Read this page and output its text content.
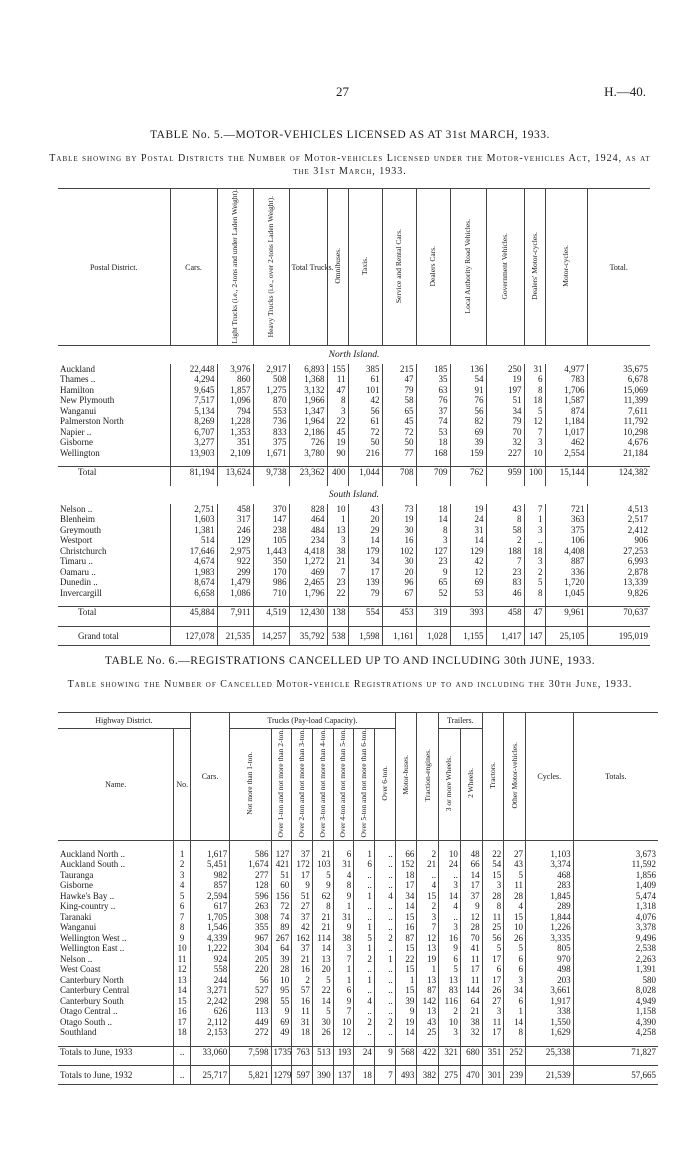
27	H.—40.
TABLE No. 5.—MOTOR-VEHICLES LICENSED AS AT 31st MARCH, 1933.
Table showing by Postal Districts the Number of Motor-vehicles Licensed under the Motor-vehicles Act, 1924, as at the 31st March, 1933.
Postal District.	Cars.	Light Trucks (i.e., 2-tons and under Laden Weight).	Heavy Trucks (i.e., over 2-tons Laden Weight).	Total Trucks.	Omnibuses.	Taxis.	Service and Rental Cars.	Dealers Cars.	Local Authority Road Vehicles.	Government Vehicles.	Dealers' Motor-cycles.	Motor-cycles.	Total.
North Island.													
Auckland	22,448	3,976	2,917	6,893	155	385	215	185	136	250	31	4,977	35,675
Thames ..	4,294	860	508	1,368	11	61	47	35	54	19	6	783	6,678
Hamilton	9,645	1,857	1,275	3,132	47	101	79	63	91	197	8	1,706	15,069
New Plymouth	7,517	1,096	870	1,966	8	42	58	76	76	51	18	1,587	11,399
Wanganui	5,134	794	553	1,347	3	56	65	37	56	34	5	874	7,611
Palmerston North	8,269	1,228	736	1,964	22	61	45	74	82	79	12	1,184	11,792
Napier ..	6,707	1,353	833	2,186	45	72	72	53	69	70	7	1,017	10,298
Gisborne	3,277	351	375	726	19	50	50	18	39	32	3	462	4,676
Wellington	13,903	2,109	1,671	3,780	90	216	77	168	159	227	10	2,554	21,184

Total	81,194	13,624	9,738	23,362	400	1,044	708	709	762	959	100	15,144	124,382

South Island.													
Nelson ..	2,751	458	370	828	10	43	73	18	19	43	7	721	4,513
Blenheim	1,603	317	147	464	1	20	19	14	24	8	1	363	2,517
Greymouth	1,381	246	238	484	13	29	30	8	31	58	3	375	2,412
Westport	514	129	105	234	3	14	16	3	14	2	..	106	906
Christchurch	17,646	2,975	1,443	4,418	38	179	102	127	129	188	18	4,408	27,253
Timaru ..	4,674	922	350	1,272	21	34	30	23	42	7	3	887	6,993
Oamaru ..	1,983	299	170	469	7	17	20	9	12	23	2	336	2,878
Dunedin ..	8,674	1,479	986	2,465	23	139	96	65	69	83	5	1,720	13,339
Invercargill	6,658	1,086	710	1,796	22	79	67	52	53	46	8	1,045	9,826

Total	45,884	7,911	4,519	12,430	138	554	453	319	393	458	47	9,961	70,637

Grand total	127,078	21,535	14,257	35,792	538	1,598	1,161	1,028	1,155	1,417	147	25,105	195,019
TABLE No. 6.—REGISTRATIONS CANCELLED UP TO AND INCLUDING 30th JUNE, 1933.
Table showing the Number of Cancelled Motor-vehicle Registrations up to and including the 30th June, 1933.
Highway District.		Cars.	Trucks (Pay-load Capacity).							Motor-buses.	Traction-engines.	Trailers.		Tractors.	Other Motor-vehicles.	Cycles.	Totals.
Name.	No.		Not more than 1-ton.	Over 1-ton and not more than 2-ton.	Over 2-ton and not more than 3-ton.	Over 3-ton and not more than 4-ton.	Over 4-ton and not more than 5-ton.	Over 5-ton and not more than 6-ton.	Over 6-ton.			3 or more Wheels.	2 Wheels.				

Auckland North ..	1	1,617	586	127	37	21	6	1	..	66	2	10	48	22	27	1,103	3,673
Auckland South ..	2	5,451	1,674	421	172	103	31	6	..	152	21	24	66	54	43	3,374	11,592
Tauranga	3	982	277	51	17	5	4	..	..	18	..	..	14	15	5	468	1,856
Gisborne	4	857	128	60	9	9	8	..	..	17	4	3	17	3	11	283	1,409
Hawke's Bay ..	5	2,594	596	156	51	62	9	1	4	34	15	14	37	28	28	1,845	5,474
King-country ..	6	617	263	72	27	8	1	..	..	14	2	4	9	8	4	289	1,318
Taranaki	7	1,705	308	74	37	21	31	..	..	15	3	..	12	11	15	1,844	4,076
Wanganui	8	1,546	355	89	42	21	9	1	..	16	7	3	28	25	10	1,226	3,378
Wellington West ..	9	4,339	967	267	162	114	38	5	2	87	12	16	70	56	26	3,335	9,496
Wellington East ..	10	1,222	304	64	37	14	3	1	..	15	13	9	41	5	5	805	2,538
Nelson ..	11	924	205	39	21	13	7	2	1	22	19	6	11	17	6	970	2,263
West Coast	12	558	220	28	16	20	1	..	..	15	1	5	17	6	6	498	1,391
Canterbury North	13	244	56	10	2	5	1	1	..	1	13	13	11	17	3	203	580
Canterbury Central	14	3,271	527	95	57	22	6	..	..	15	87	83	144	26	34	3,661	8,028
Canterbury South	15	2,242	298	55	16	14	9	4	..	39	142	116	64	27	6	1,917	4,949
Otago Central ..	16	626	113	9	11	5	7	..	..	9	13	2	21	3	1	338	1,158
Otago South ..	17	2,112	449	69	31	30	10	2	2	19	43	10	38	11	14	1,550	4,390
Southland	18	2,153	272	49	18	26	12	..	..	14	25	3	32	17	8	1,629	4,258

Totals to June, 1933	..	33,060	7,598	1735	763	513	193	24	9	568	422	321	680	351	252	25,338	71,827

Totals to June, 1932	..	25,717	5,821	1279	597	390	137	18	7	493	382	275	470	301	239	21,539	57,665
